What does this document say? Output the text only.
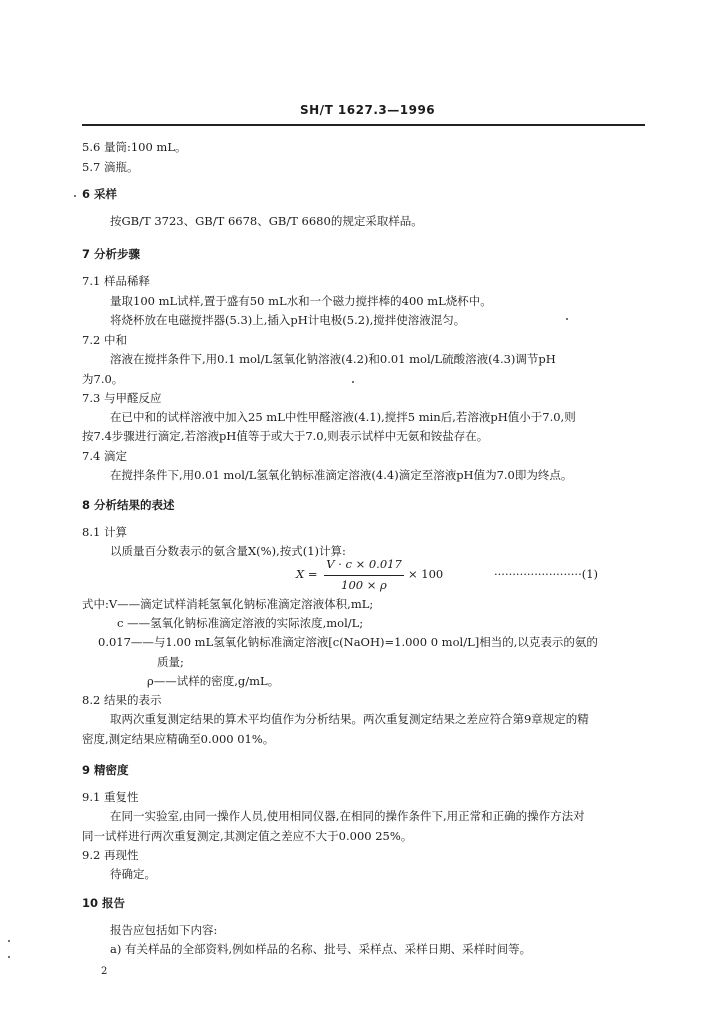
SH/T 1627.3—1996
5.6 量筒:100 mL。
5.7 滴瓶。
6 采样
按GB/T 3723、GB/T 6678、GB/T 6680的规定采取样品。
7 分析步骤
7.1 样品稀释
量取100 mL试样,置于盛有50 mL水和一个磁力搅拌棒的400 mL烧杯中。
将烧杯放在电磁搅拌器(5.3)上,插入pH计电极(5.2),搅拌使溶液混匀。
7.2 中和
溶液在搅拌条件下,用0.1 mol/L氢氧化钠溶液(4.2)和0.01 mol/L硫酸溶液(4.3)调节pH
为7.0。
7.3 与甲醛反应
在已中和的试样溶液中加入25 mL中性甲醛溶液(4.1),搅拌5 min后,若溶液pH值小于7.0,则
按7.4步骤进行滴定,若溶液pH值等于或大于7.0,则表示试样中无氨和铵盐存在。
7.4 滴定
在搅拌条件下,用0.01 mol/L氢氧化钠标准滴定溶液(4.4)滴定至溶液pH值为7.0即为终点。
8 分析结果的表述
8.1 计算
以质量百分数表示的氨含量X(%),按式(1)计算:
X =
V · c × 0.017
100 × ρ
× 100	························(1)
式中:V——滴定试样消耗氢氧化钠标准滴定溶液体积,mL;
c ——氢氧化钠标准滴定溶液的实际浓度,mol/L;
0.017——与1.00 mL氢氧化钠标准滴定溶液[c(NaOH)=1.000 0 mol/L]相当的,以克表示的氨的
质量;
ρ——试样的密度,g/mL。
8.2 结果的表示
取两次重复测定结果的算术平均值作为分析结果。两次重复测定结果之差应符合第9章规定的精
密度,测定结果应精确至0.000 01%。
9 精密度
9.1 重复性
在同一实验室,由同一操作人员,使用相同仪器,在相同的操作条件下,用正常和正确的操作方法对
同一试样进行两次重复测定,其测定值之差应不大于0.000 25%。
9.2 再现性
待确定。
10 报告
报告应包括如下内容:
a) 有关样品的全部资料,例如样品的名称、批号、采样点、采样日期、采样时间等。
2
